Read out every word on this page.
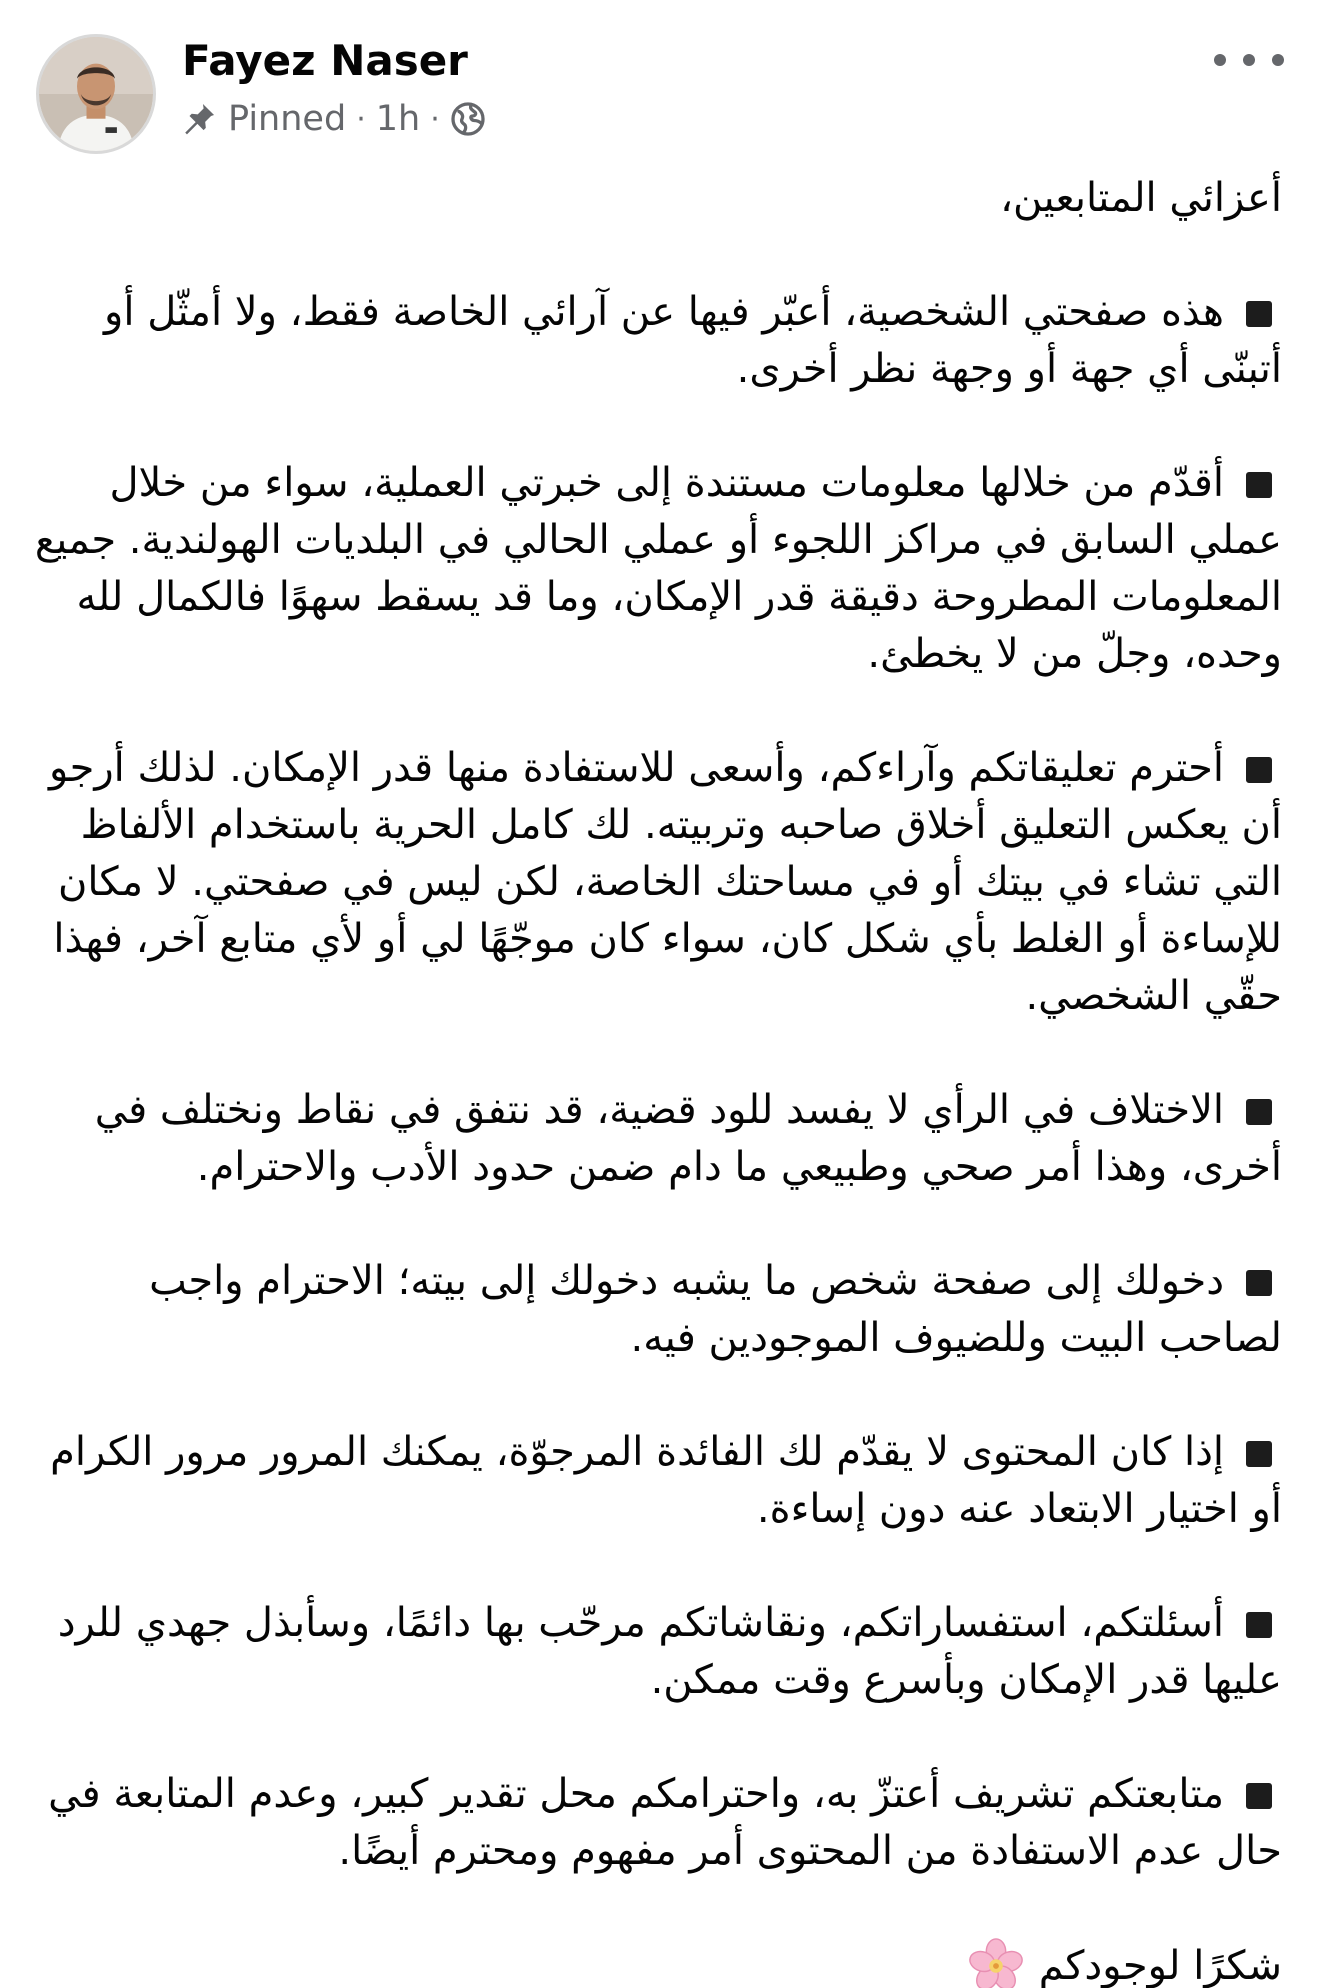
Fayez Naser
Pinned · 1h ·
أعزائي المتابعين،
هذه صفحتي الشخصية، أعبّر فيها عن آرائي الخاصة فقط، ولا أمثّل أو أتبنّى أي جهة أو وجهة نظر أخرى.
أقدّم من خلالها معلومات مستندة إلى خبرتي العملية، سواء من خلال عملي السابق في مراكز اللجوء أو عملي الحالي في البلديات الهولندية. جميع المعلومات المطروحة دقيقة قدر الإمكان، وما قد يسقط سهوًا فالكمال لله وحده، وجلّ من لا يخطئ.
أحترم تعليقاتكم وآراءكم، وأسعى للاستفادة منها قدر الإمكان. لذلك أرجو أن يعكس التعليق أخلاق صاحبه وتربيته. لك كامل الحرية باستخدام الألفاظ التي تشاء في بيتك أو في مساحتك الخاصة، لكن ليس في صفحتي. لا مكان للإساءة أو الغلط بأي شكل كان، سواء كان موجّهًا لي أو لأي متابع آخر، فهذا حقّي الشخصي.
الاختلاف في الرأي لا يفسد للود قضية، قد نتفق في نقاط ونختلف في أخرى، وهذا أمر صحي وطبيعي ما دام ضمن حدود الأدب والاحترام.
دخولك إلى صفحة شخص ما يشبه دخولك إلى بيته؛ الاحترام واجب لصاحب البيت وللضيوف الموجودين فيه.
إذا كان المحتوى لا يقدّم لك الفائدة المرجوّة، يمكنك المرور مرور الكرام أو اختيار الابتعاد عنه دون إساءة.
أسئلتكم، استفساراتكم، ونقاشاتكم مرحّب بها دائمًا، وسأبذل جهدي للرد عليها قدر الإمكان وبأسرع وقت ممكن.
متابعتكم تشريف أعتزّ به، واحترامكم محل تقدير كبير، وعدم المتابعة في حال عدم الاستفادة من المحتوى أمر مفهوم ومحترم أيضًا.
شكرًا لوجودكم
